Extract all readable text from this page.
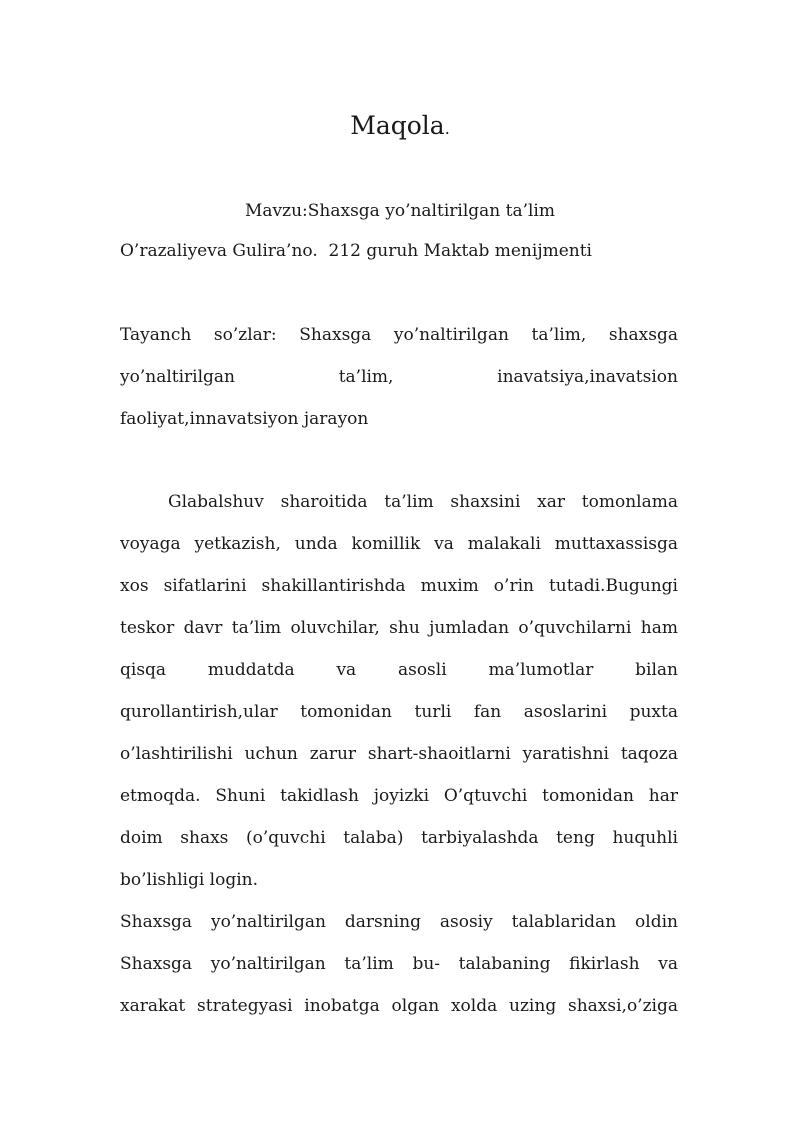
Maqola.
Mavzu:Shaxsga yo’naltirilgan ta’lim
O’razaliyeva Gulira’no.  212 guruh Maktab menijmenti
Tayanch so’zlar: Shaxsga yo’naltirilgan ta’lim, shaxsga
yo’naltirilgan ta’lim, inavatsiya,inavatsion
faoliyat,innavatsiyon jarayon
Glabalshuv sharoitida ta’lim shaxsini xar tomonlama
voyaga yetkazish, unda komillik va malakali muttaxassisga
xos sifatlarini shakillantirishda muxim o’rin tutadi.Bugungi
teskor davr ta’lim oluvchilar, shu jumladan o’quvchilarni ham
qisqa muddatda va asosli ma’lumotlar bilan
qurollantirish,ular tomonidan turli fan asoslarini puxta
o’lashtirilishi uchun zarur shart-shaoitlarni yaratishni taqoza
etmoqda. Shuni takidlash joyizki O’qtuvchi tomonidan har
doim shaxs (o’quvchi talaba) tarbiyalashda teng huquhli
bo’lishligi login.
Shaxsga yo’naltirilgan darsning asosiy talablaridan oldin
Shaxsga yo’naltirilgan ta’lim bu- talabaning fikirlash va
xarakat strategyasi inobatga olgan xolda uzing shaxsi,o’ziga
